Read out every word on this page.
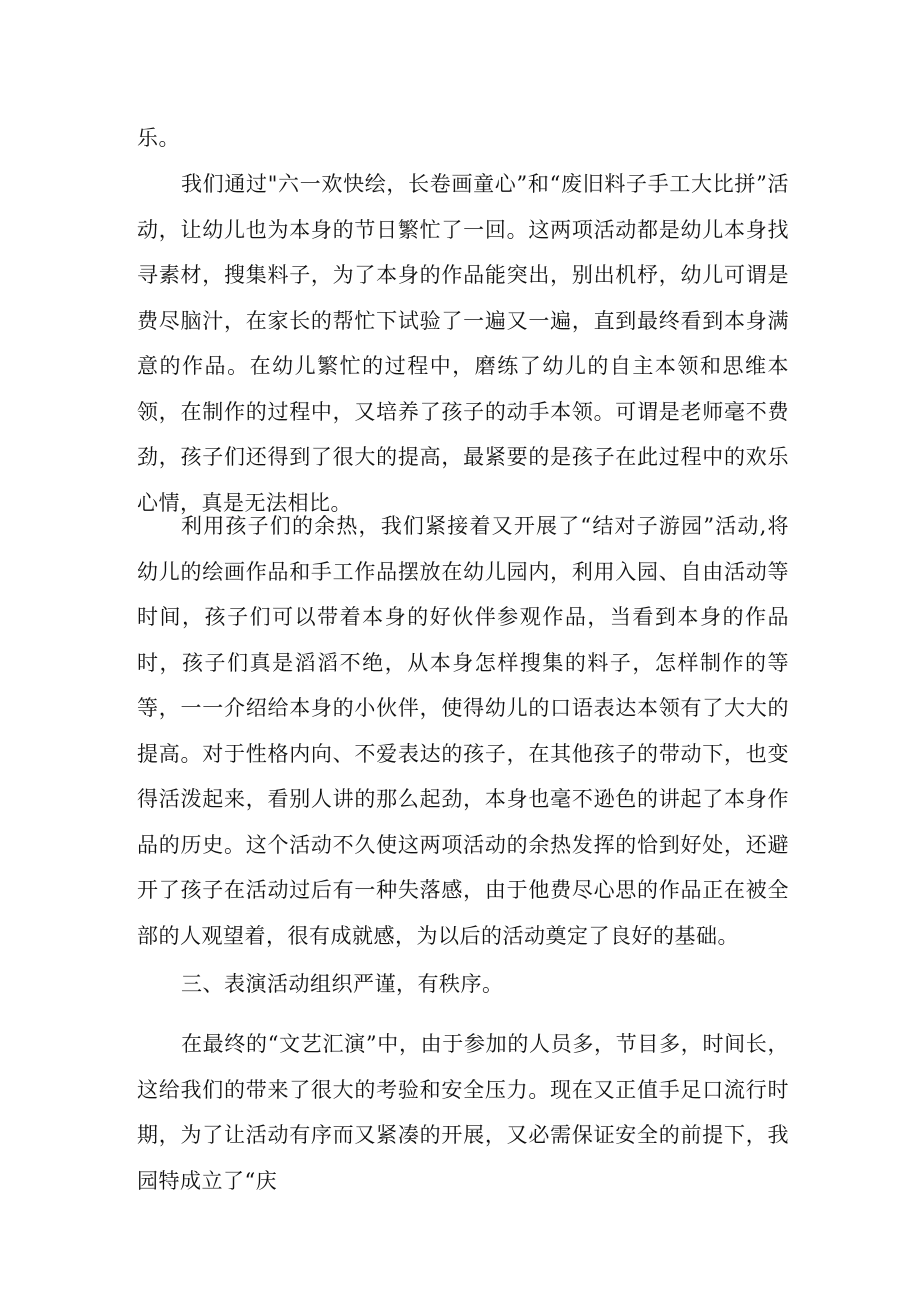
乐。

我们通过"六一欢快绘，长卷画童心”和“废旧料子手工大比拼”活动，让幼儿也为本身的节日繁忙了一回。这两项活动都是幼儿本身找寻素材，搜集料子，为了本身的作品能突出，别出机杼，幼儿可谓是费尽脑汁，在家长的帮忙下试验了一遍又一遍，直到最终看到本身满意的作品。在幼儿繁忙的过程中，磨练了幼儿的自主本领和思维本领，在制作的过程中，又培养了孩子的动手本领。可谓是老师毫不费劲，孩子们还得到了很大的提高，最紧要的是孩子在此过程中的欢乐心情，真是无法相比。

利用孩子们的余热，我们紧接着又开展了“结对子游园”活动,将幼儿的绘画作品和手工作品摆放在幼儿园内，利用入园、自由活动等时间，孩子们可以带着本身的好伙伴参观作品，当看到本身的作品时，孩子们真是滔滔不绝，从本身怎样搜集的料子，怎样制作的等等，一一介绍给本身的小伙伴，使得幼儿的口语表达本领有了大大的提高。对于性格内向、不爱表达的孩子，在其他孩子的带动下，也变得活泼起来，看别人讲的那么起劲，本身也毫不逊色的讲起了本身作品的历史。这个活动不久使这两项活动的余热发挥的恰到好处，还避开了孩子在活动过后有一种失落感，由于他费尽心思的作品正在被全部的人观望着，很有成就感，为以后的活动奠定了良好的基础。

三、表演活动组织严谨，有秩序。

在最终的“文艺汇演”中，由于参加的人员多，节目多，时间长，这给我们的带来了很大的考验和安全压力。现在又正值手足口流行时期，为了让活动有序而又紧凑的开展，又必需保证安全的前提下，我园特成立了“庆
